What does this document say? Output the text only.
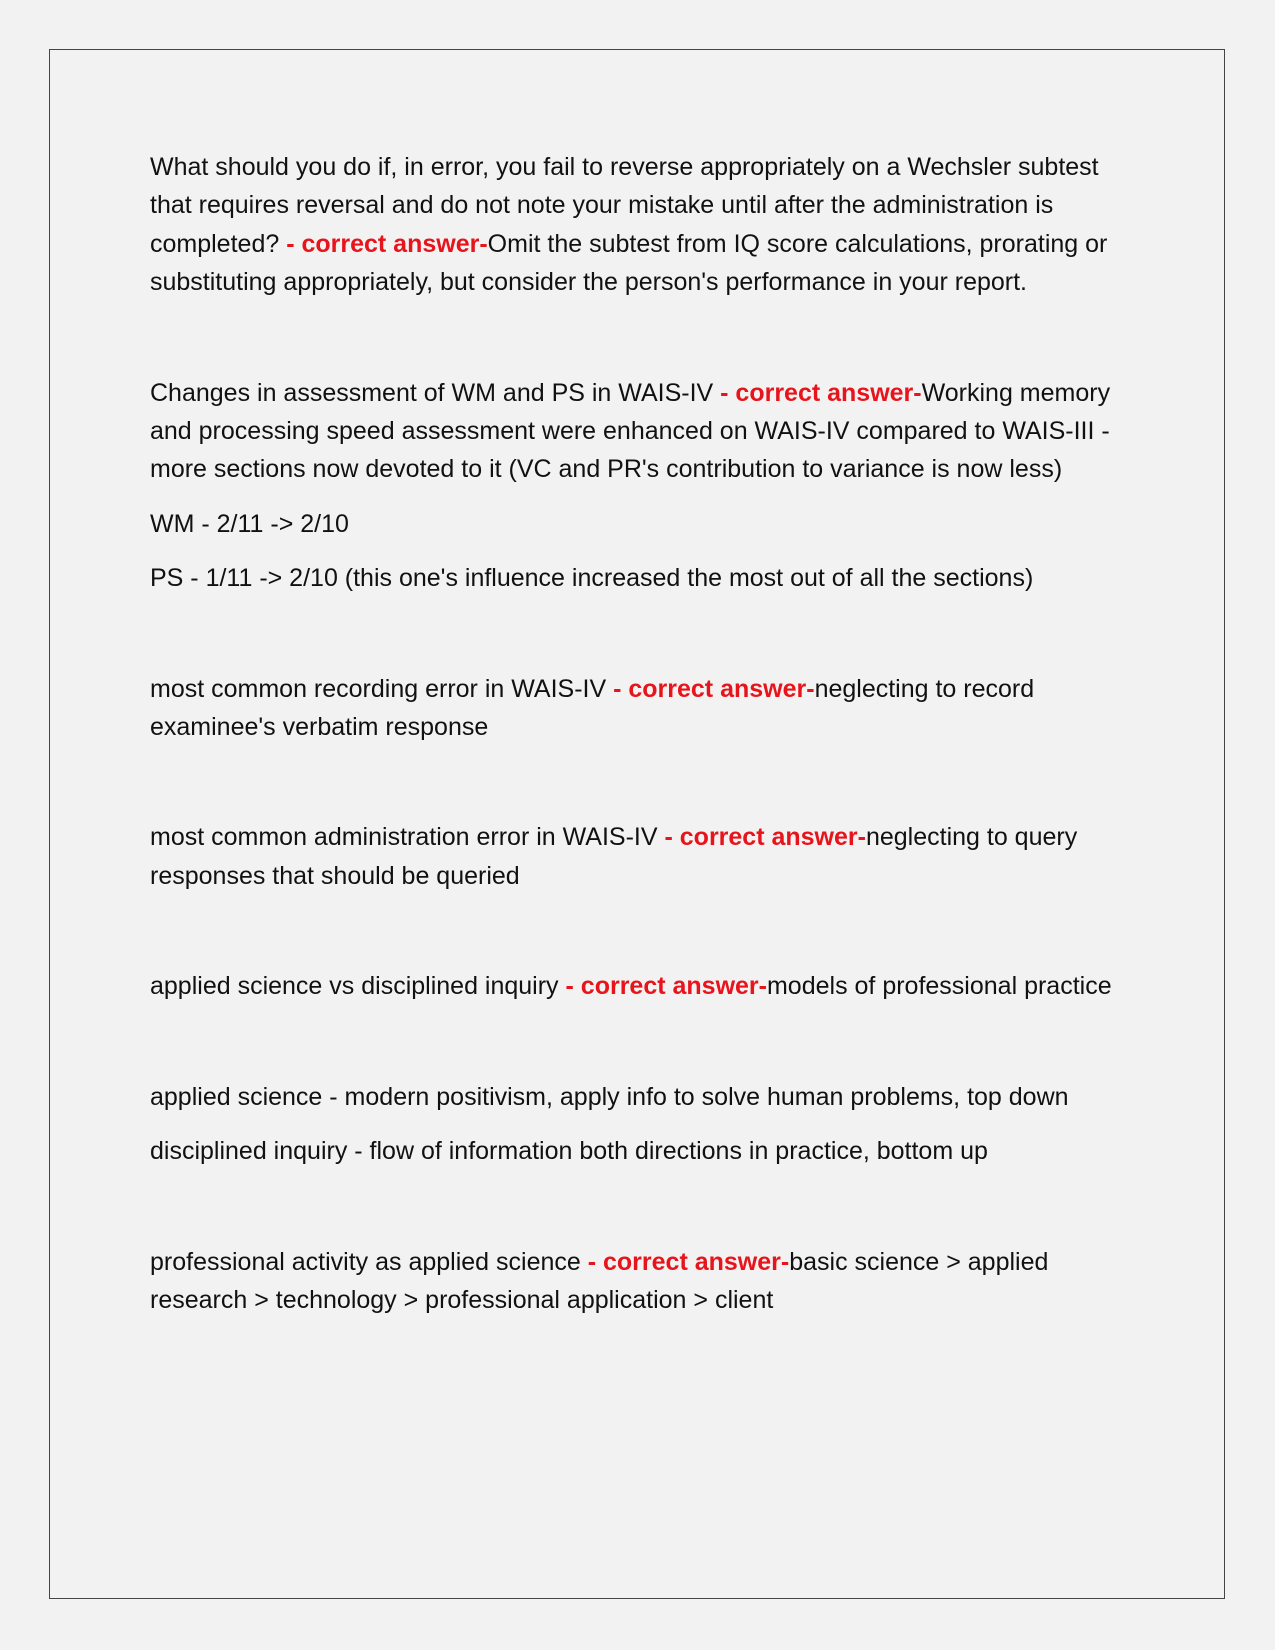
What should you do if, in error, you fail to reverse appropriately on a Wechsler subtest that requires reversal and do not note your mistake until after the administration is completed? - correct answer-Omit the subtest from IQ score calculations, prorating or substituting appropriately, but consider the person's performance in your report.

Changes in assessment of WM and PS in WAIS-IV - correct answer-Working memory and processing speed assessment were enhanced on WAIS-IV compared to WAIS-III - more sections now devoted to it (VC and PR's contribution to variance is now less)

WM - 2/11 -> 2/10

PS - 1/11 -> 2/10 (this one's influence increased the most out of all the sections)

most common recording error in WAIS-IV - correct answer-neglecting to record examinee's verbatim response

most common administration error in WAIS-IV - correct answer-neglecting to query responses that should be queried

applied science vs disciplined inquiry - correct answer-models of professional practice

applied science - modern positivism, apply info to solve human problems, top down

disciplined inquiry - flow of information both directions in practice, bottom up

professional activity as applied science - correct answer-basic science > applied research > technology > professional application > client
